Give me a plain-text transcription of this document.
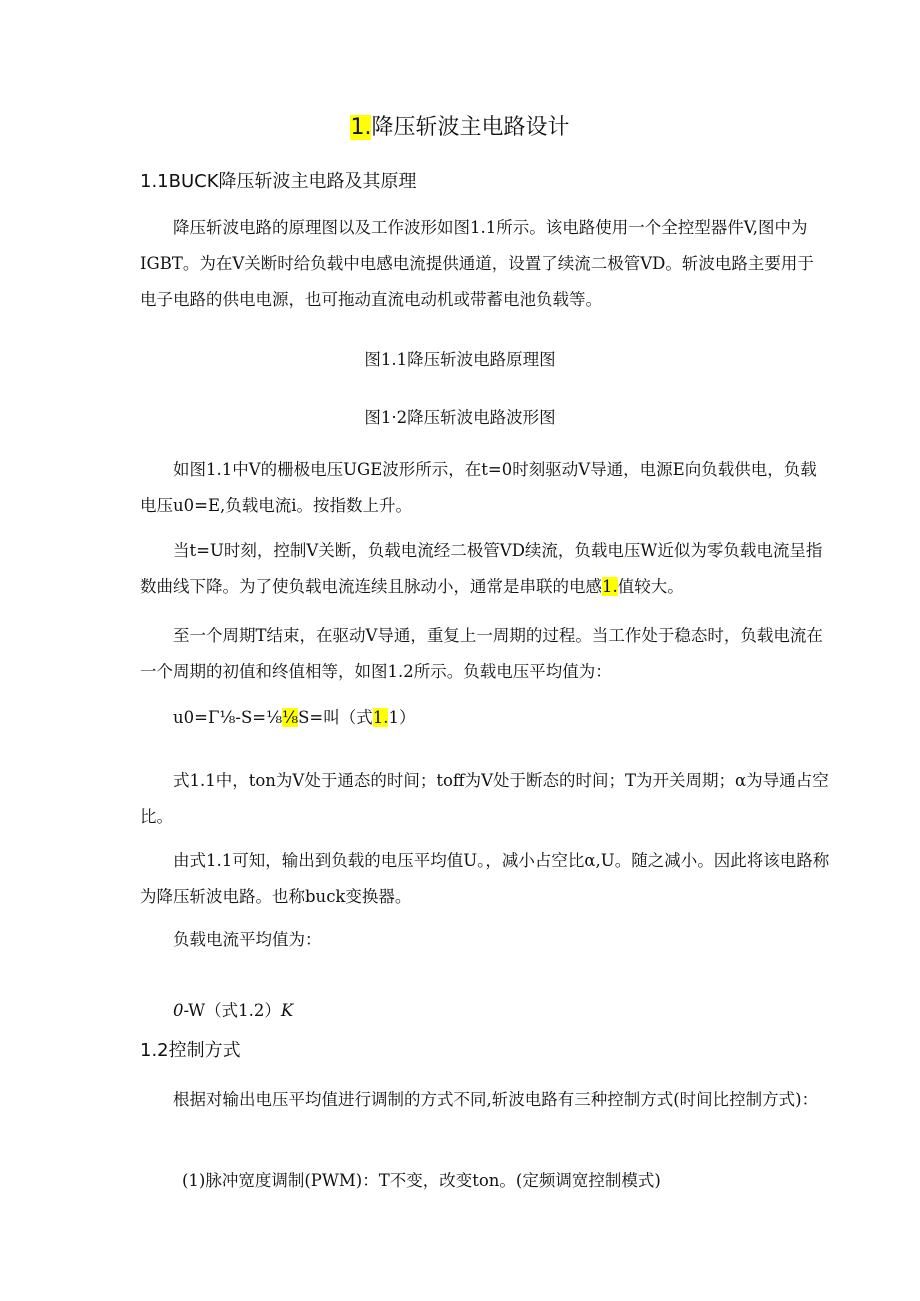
1.降压斩波主电路设计
1.1BUCK降压斩波主电路及其原理

降压斩波电路的原理图以及工作波形如图1.1所示。该电路使用一个全控型器件V,图中为IGBT。为在V关断时给负载中电感电流提供通道，设置了续流二极管VD。斩波电路主要用于电子电路的供电电源，也可拖动直流电动机或带蓄电池负载等。

图1.1降压斩波电路原理图

图1·2降压斩波电路波形图

如图1.1中V的栅极电压UGE波形所示，在t=0时刻驱动V导通，电源E向负载供电，负载电压u0=E,负载电流i。按指数上升。

当t=U时刻，控制V关断，负载电流经二极管VD续流，负载电压W近似为零负载电流呈指数曲线下降。为了使负载电流连续且脉动小，通常是串联的电感1.值较大。

至一个周期T结束，在驱动V导通，重复上一周期的过程。当工作处于稳态时，负载电流在一个周期的初值和终值相等，如图1.2所示。负载电压平均值为：

u0=Γ⅛-S=⅛⅛S=叫（式1.1）

式1.1中，ton为V处于通态的时间；toff为V处于断态的时间；T为开关周期；α为导通占空比。

由式1.1可知，输出到负载的电压平均值U。，减小占空比α,U。随之减小。因此将该电路称为降压斩波电路。也称buck变换器。

负载电流平均值为：

0-W（式1.2）K

1.2控制方式

根据对输出电压平均值进行调制的方式不同,斩波电路有三种控制方式(时间比控制方式)：

(1)脉冲宽度调制(PWM)：T不变，改变ton。(定频调宽控制模式)
